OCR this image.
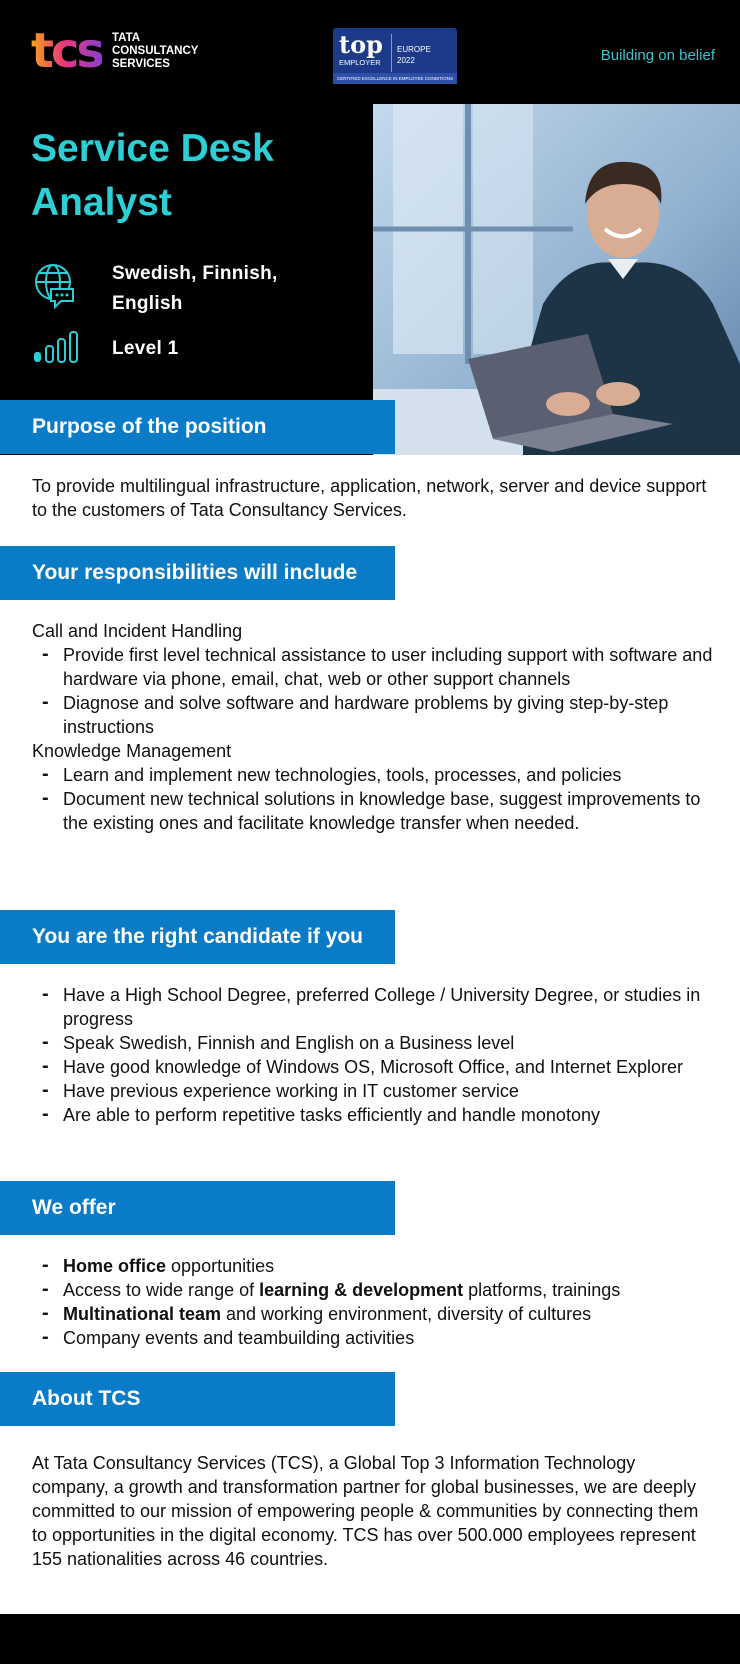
tcs TATA
CONSULTANCY
SERVICES
top
EMPLOYER
EUROPE
2022
CERTIFIED EXCELLENCE IN EMPLOYEE CONDITIONS
Building on belief
Service Desk
Analyst
Swedish, Finnish,
English
Level 1
Purpose of the position
To provide multilingual infrastructure, application, network, server and device support to the customers of Tata Consultancy Services.
Your responsibilities will include
Call and Incident Handling
- Provide first level technical assistance to user including support with software and hardware via phone, email, chat, web or other support channels
- Diagnose and solve software and hardware problems by giving step-by-step instructions
Knowledge Management
- Learn and implement new technologies, tools, processes, and policies
- Document new technical solutions in knowledge base, suggest improvements to the existing ones and facilitate knowledge transfer when needed.
You are the right candidate if you
- Have a High School Degree, preferred College / University Degree, or studies in progress
- Speak Swedish, Finnish and English on a Business level
- Have good knowledge of Windows OS, Microsoft Office, and Internet Explorer
- Have previous experience working in IT customer service
- Are able to perform repetitive tasks efficiently and handle monotony
We offer
- Home office opportunities
- Access to wide range of learning & development platforms, trainings
- Multinational team and working environment, diversity of cultures
- Company events and teambuilding activities
About TCS
At Tata Consultancy Services (TCS), a Global Top 3 Information Technology company, a growth and transformation partner for global businesses, we are deeply committed to our mission of empowering people & communities by connecting them to opportunities in the digital economy. TCS has over 500.000 employees represent 155 nationalities across 46 countries.
